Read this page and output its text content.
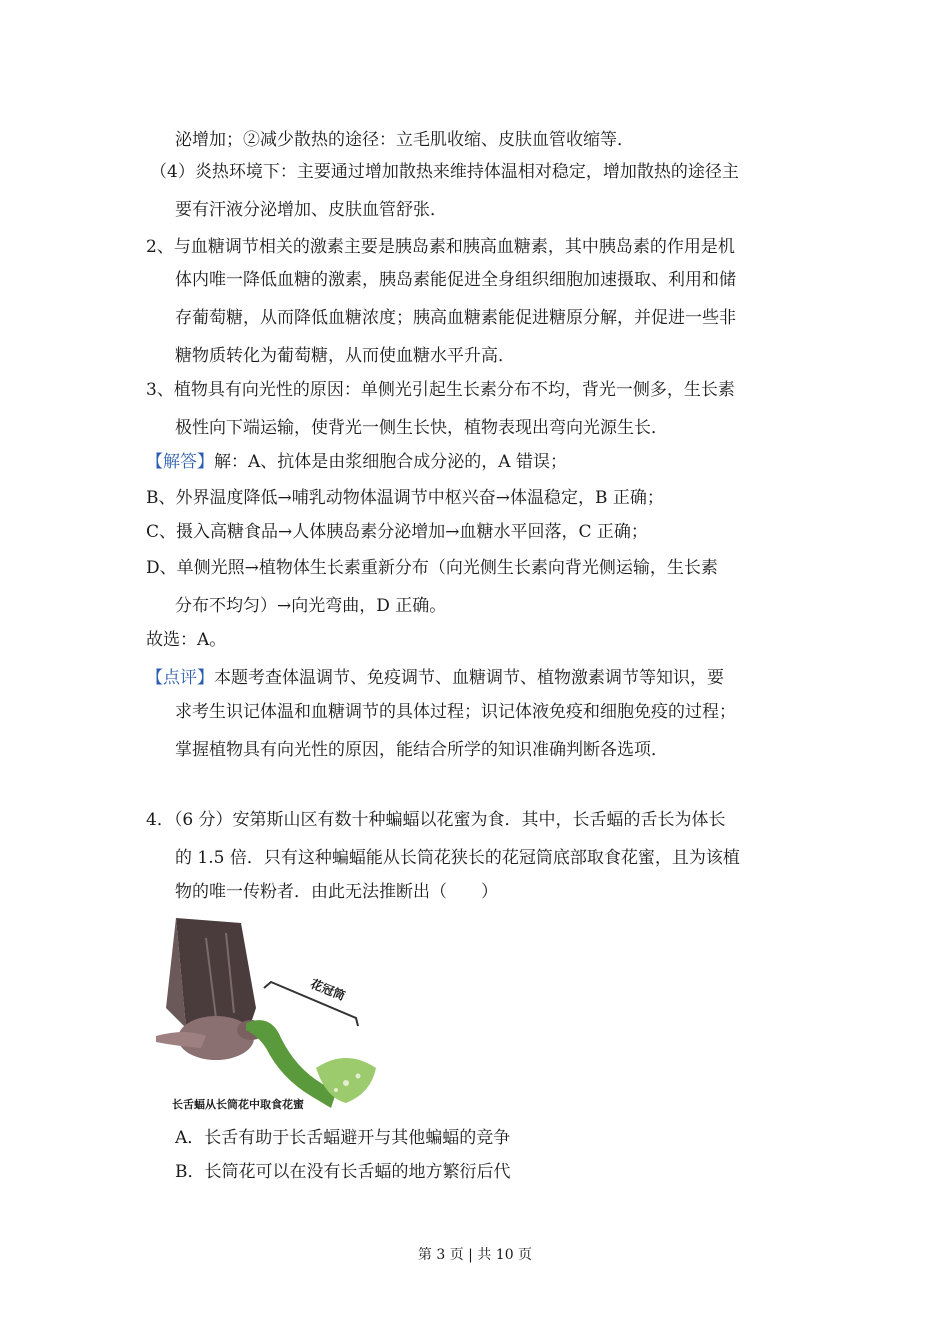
泌增加；②减少散热的途径：立毛肌收缩、皮肤血管收缩等．
（4）炎热环境下：主要通过增加散热来维持体温相对稳定，增加散热的途径主
要有汗液分泌增加、皮肤血管舒张．
2、与血糖调节相关的激素主要是胰岛素和胰高血糖素，其中胰岛素的作用是机
体内唯一降低血糖的激素，胰岛素能促进全身组织细胞加速摄取、利用和储
存葡萄糖，从而降低血糖浓度；胰高血糖素能促进糖原分解，并促进一些非
糖物质转化为葡萄糖，从而使血糖水平升高．
3、植物具有向光性的原因：单侧光引起生长素分布不均，背光一侧多，生长素
极性向下端运输，使背光一侧生长快，植物表现出弯向光源生长．
【解答】解：A、抗体是由浆细胞合成分泌的，A 错误；
B、外界温度降低→哺乳动物体温调节中枢兴奋→体温稳定，B 正确；
C、摄入高糖食品→人体胰岛素分泌增加→血糖水平回落，C 正确；
D、单侧光照→植物体生长素重新分布（向光侧生长素向背光侧运输，生长素
分布不均匀）→向光弯曲，D 正确。
故选：A。
【点评】本题考查体温调节、免疫调节、血糖调节、植物激素调节等知识，要
求考生识记体温和血糖调节的具体过程；识记体液免疫和细胞免疫的过程；
掌握植物具有向光性的原因，能结合所学的知识准确判断各选项．
4．（6 分）安第斯山区有数十种蝙蝠以花蜜为食．其中，长舌蝠的舌长为体长
的 1.5 倍．只有这种蝙蝠能从长筒花狭长的花冠筒底部取食花蜜，且为该植
物的唯一传粉者．由此无法推断出（　　）
花冠筒
长舌蝠从长筒花中取食花蜜
A．长舌有助于长舌蝠避开与其他蝙蝠的竞争
B．长筒花可以在没有长舌蝠的地方繁衍后代
第 3 页 | 共 10 页
